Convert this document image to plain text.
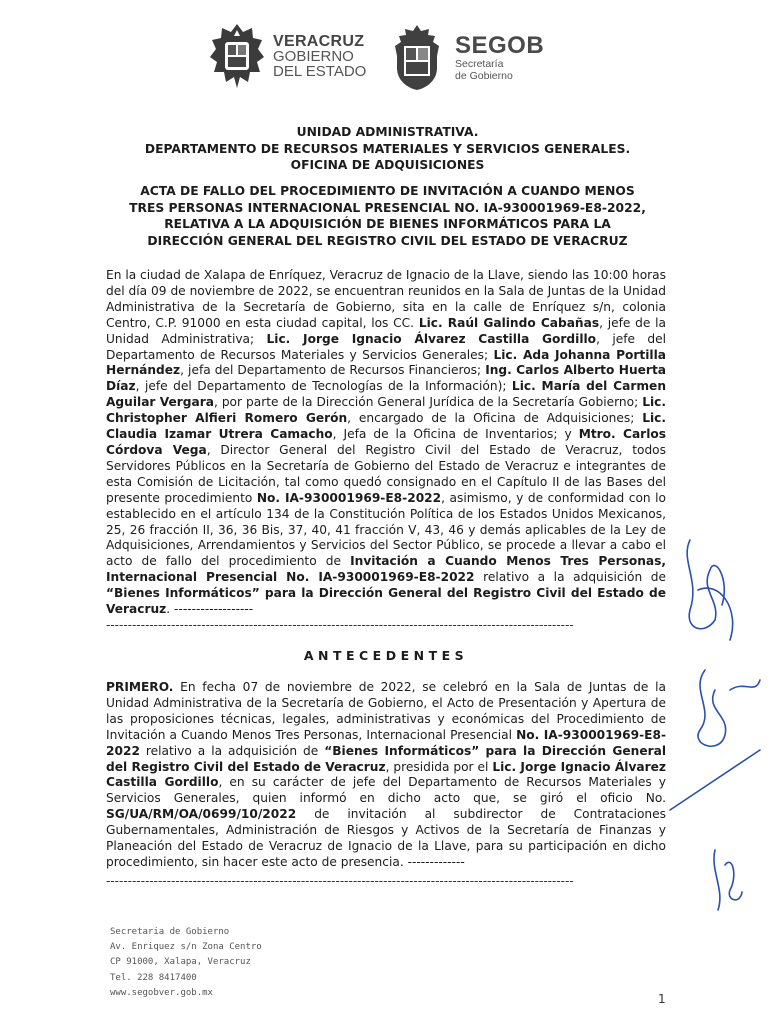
VERACRUZ
GOBIERNO
DEL ESTADO
SEGOB
Secretaría
de Gobierno
UNIDAD ADMINISTRATIVA.
DEPARTAMENTO DE RECURSOS MATERIALES Y SERVICIOS GENERALES.
OFICINA DE ADQUISICIONES
ACTA DE FALLO DEL PROCEDIMIENTO DE INVITACIÓN A CUANDO MENOS
TRES PERSONAS INTERNACIONAL PRESENCIAL NO. IA-930001969-E8-2022,
RELATIVA A LA ADQUISICIÓN DE BIENES INFORMÁTICOS PARA LA
DIRECCIÓN GENERAL DEL REGISTRO CIVIL DEL ESTADO DE VERACRUZ
En la ciudad de Xalapa de Enríquez, Veracruz de Ignacio de la Llave, siendo las 10:00 horas del día 09 de noviembre de 2022, se encuentran reunidos en la Sala de Juntas de la Unidad Administrativa de la Secretaría de Gobierno, sita en la calle de Enríquez s/n, colonia Centro, C.P. 91000 en esta ciudad capital, los CC. Lic. Raúl Galindo Cabañas, jefe de la Unidad Administrativa; Lic. Jorge Ignacio Álvarez Castilla Gordillo, jefe del Departamento de Recursos Materiales y Servicios Generales; Lic. Ada Johanna Portilla Hernández, jefa del Departamento de Recursos Financieros; Ing. Carlos Alberto Huerta Díaz, jefe del Departamento de Tecnologías de la Información); Lic. María del Carmen Aguilar Vergara, por parte de la Dirección General Jurídica de la Secretaría Gobierno; Lic. Christopher Alfieri Romero Gerón, encargado de la Oficina de Adquisiciones; Lic. Claudia Izamar Utrera Camacho, Jefa de la Oficina de Inventarios; y Mtro. Carlos Córdova Vega, Director General del Registro Civil del Estado de Veracruz, todos Servidores Públicos en la Secretaría de Gobierno del Estado de Veracruz e integrantes de esta Comisión de Licitación, tal como quedó consignado en el Capítulo II de las Bases del presente procedimiento No. IA-930001969-E8-2022, asimismo, y de conformidad con lo establecido en el artículo 134 de la Constitución Política de los Estados Unidos Mexicanos, 25, 26 fracción II, 36, 36 Bis, 37, 40, 41 fracción V, 43, 46 y demás aplicables de la Ley de Adquisiciones, Arrendamientos y Servicios del Sector Público, se procede a llevar a cabo el acto de fallo del procedimiento de Invitación a Cuando Menos Tres Personas, Internacional Presencial No. IA-930001969-E8-2022 relativo a la adquisición de “Bienes Informáticos” para la Dirección General del Registro Civil del Estado de Veracruz. ------------------
------------------------------------------------------------------------------------------------------------
ANTECEDENTES
PRIMERO. En fecha 07 de noviembre de 2022, se celebró en la Sala de Juntas de la Unidad Administrativa de la Secretaría de Gobierno, el Acto de Presentación y Apertura de las proposiciones técnicas, legales, administrativas y económicas del Procedimiento de Invitación a Cuando Menos Tres Personas, Internacional Presencial No. IA-930001969-E8-2022 relativo a la adquisición de “Bienes Informáticos” para la Dirección General del Registro Civil del Estado de Veracruz, presidida por el Lic. Jorge Ignacio Álvarez Castilla Gordillo, en su carácter de jefe del Departamento de Recursos Materiales y Servicios Generales, quien informó en dicho acto que, se giró el oficio No. SG/UA/RM/OA/0699/10/2022 de invitación al subdirector de Contrataciones Gubernamentales, Administración de Riesgos y Activos de la Secretaría de Finanzas y Planeación del Estado de Veracruz de Ignacio de la Llave, para su participación en dicho procedimiento, sin hacer este acto de presencia. -------------
------------------------------------------------------------------------------------------------------------
Secretaria de Gobierno
Av. Enriquez s/n Zona Centro
CP 91000, Xalapa, Veracruz
Tel. 228 8417400
www.segobver.gob.mx	1
